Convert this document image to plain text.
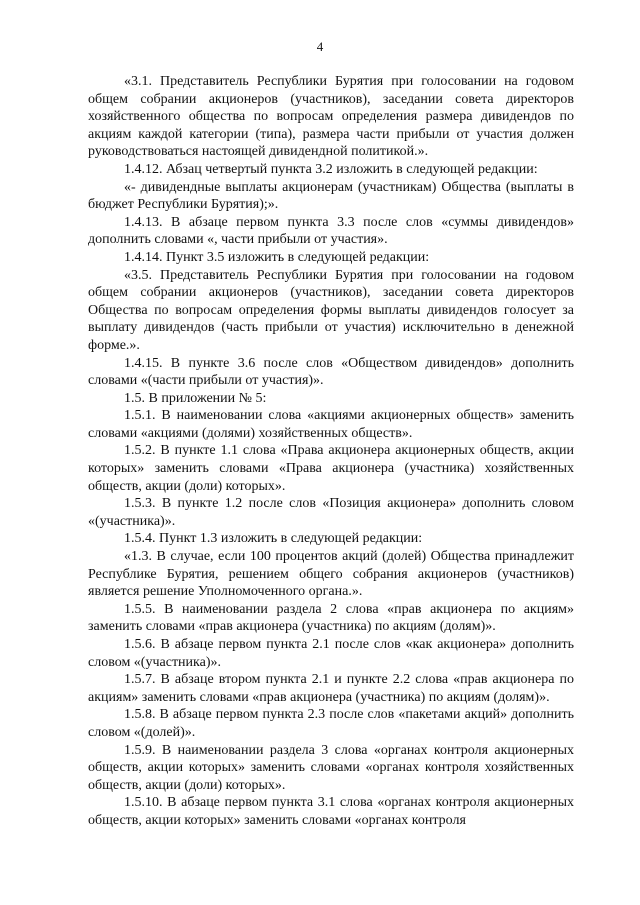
4

«3.1. Представитель Республики Бурятия при голосовании на годовом общем собрании акционеров (участников), заседании совета директоров хозяйственного общества по вопросам определения размера дивидендов по акциям каждой категории (типа), размера части прибыли от участия должен руководствоваться настоящей дивидендной политикой.».

1.4.12. Абзац четвертый пункта 3.2 изложить в следующей редакции:

«- дивидендные выплаты акционерам (участникам) Общества (выплаты в бюджет Республики Бурятия);».

1.4.13. В абзаце первом пункта 3.3 после слов «суммы дивидендов» дополнить словами «, части прибыли от участия».

1.4.14. Пункт 3.5 изложить в следующей редакции:

«3.5. Представитель Республики Бурятия при голосовании на годовом общем собрании акционеров (участников), заседании совета директоров Общества по вопросам определения формы выплаты дивидендов голосует за выплату дивидендов (часть прибыли от участия) исключительно в денежной форме.».

1.4.15. В пункте 3.6 после слов «Обществом дивидендов» дополнить словами «(части прибыли от участия)».

1.5. В приложении № 5:

1.5.1. В наименовании слова «акциями акционерных обществ» заменить словами «акциями (долями) хозяйственных обществ».

1.5.2. В пункте 1.1 слова «Права акционера акционерных обществ, акции которых» заменить словами «Права акционера (участника) хозяйственных обществ, акции (доли) которых».

1.5.3. В пункте 1.2 после слов «Позиция акционера» дополнить словом «(участника)».

1.5.4. Пункт 1.3 изложить в следующей редакции:

«1.3. В случае, если 100 процентов акций (долей) Общества принадлежит Республике Бурятия, решением общего собрания акционеров (участников) является решение Уполномоченного органа.».

1.5.5. В наименовании раздела 2 слова «прав акционера по акциям» заменить словами «прав акционера (участника) по акциям (долям)».

1.5.6. В абзаце первом пункта 2.1 после слов «как акционера» дополнить словом «(участника)».

1.5.7. В абзаце втором пункта 2.1 и пункте 2.2 слова «прав акционера по акциям» заменить словами «прав акционера (участника) по акциям (долям)».

1.5.8. В абзаце первом пункта 2.3 после слов «пакетами акций» дополнить словом «(долей)».

1.5.9. В наименовании раздела 3 слова «органах контроля акционерных обществ, акции которых» заменить словами «органах контроля хозяйственных обществ, акции (доли) которых».

1.5.10. В абзаце первом пункта 3.1 слова «органах контроля акционерных обществ, акции которых» заменить словами «органах контроля
